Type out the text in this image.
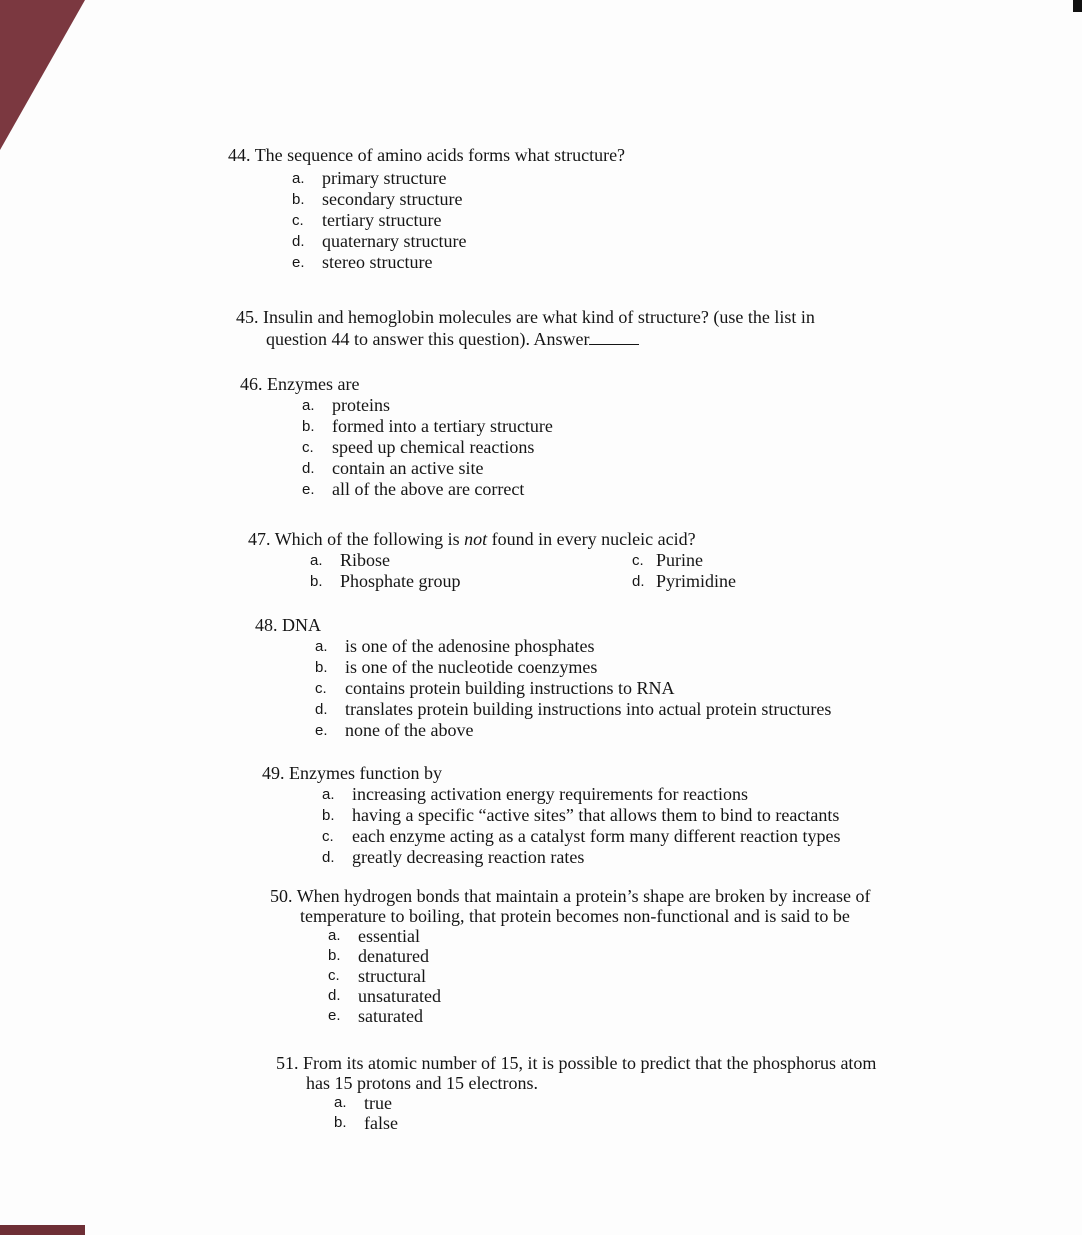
44. The sequence of amino acids forms what structure?
a. primary structure
b. secondary structure
c.	tertiary structure
d. quaternary structure
e. stereo structure
45. Insulin and hemoglobin molecules are what kind of structure? (use the list in
question 44 to answer this question). Answer
46. Enzymes are
a. proteins
b. formed into a tertiary structure
c.	speed up chemical reactions
d. contain an active site
e. all of the above are correct
47. Which of the following is not found in every nucleic acid?
a. Ribose
b. Phosphate group
c. Purine
d. Pyrimidine
48. DNA
a. is one of the adenosine phosphates
b. is one of the nucleotide coenzymes
c.	contains protein building instructions to RNA
d. translates protein building instructions into actual protein structures
e. none of the above
49. Enzymes function by
a. increasing activation energy requirements for reactions
b. having a specific “active sites” that allows them to bind to reactants
c.	each enzyme acting as a catalyst form many different reaction types
d. greatly decreasing reaction rates
50. When hydrogen bonds that maintain a protein’s shape are broken by increase of
temperature to boiling, that protein becomes non-functional and is said to be
a. essential
b. denatured
c.	structural
d. unsaturated
e. saturated
51. From its atomic number of 15, it is possible to predict that the phosphorus atom
has 15 protons and 15 electrons.
a. true
b. false
